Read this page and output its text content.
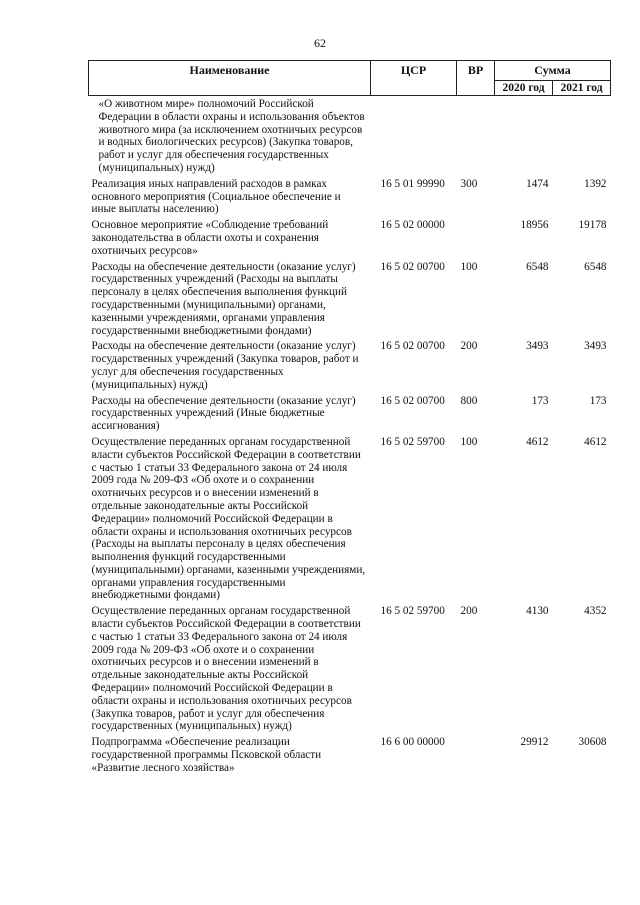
62
Наименование	ЦСР	ВР	Сумма	
			2020 год	2021 год
«О животном мире» полномочий Российской Федерации в области охраны и использования объектов животного мира (за исключением охотничьих ресурсов и водных биологических ресурсов) (Закупка товаров, работ и услуг для обеспечения государственных (муниципальных) нужд)				
Реализация иных направлений расходов в рамках основного мероприятия (Социальное обеспечение и иные выплаты населению)	16 5 01 99990	300	1474	1392
Основное мероприятие «Соблюдение требований законодательства в области охоты и сохранения охотничьих ресурсов»	16 5 02 00000		18956	19178
Расходы на обеспечение деятельности (оказание услуг) государственных учреждений (Расходы на выплаты персоналу в целях обеспечения выполнения функций государственными (муниципальными) органами, казенными учреждениями, органами управления государственными внебюджетными фондами)	16 5 02 00700	100	6548	6548
Расходы на обеспечение деятельности (оказание услуг) государственных учреждений (Закупка товаров, работ и услуг для обеспечения государственных (муниципальных) нужд)	16 5 02 00700	200	3493	3493
Расходы на обеспечение деятельности (оказание услуг) государственных учреждений (Иные бюджетные ассигнования)	16 5 02 00700	800	173	173
Осуществление переданных органам государственной власти субъектов Российской Федерации в соответствии с частью 1 статьи 33 Федерального закона от 24 июля 2009 года № 209-ФЗ «Об охоте и о сохранении охотничьих ресурсов и о внесении изменений в отдельные законодательные акты Российской Федерации» полномочий Российской Федерации в области охраны и использования охотничьих ресурсов (Расходы на выплаты персоналу в целях обеспечения выполнения функций государственными (муниципальными) органами, казенными учреждениями, органами управления государственными внебюджетными фондами)	16 5 02 59700	100	4612	4612
Осуществление переданных органам государственной власти субъектов Российской Федерации в соответствии с частью 1 статьи 33 Федерального закона от 24 июля 2009 года № 209-ФЗ «Об охоте и о сохранении охотничьих ресурсов и о внесении изменений в отдельные законодательные акты Российской Федерации» полномочий Российской Федерации в области охраны и использования охотничьих ресурсов (Закупка товаров, работ и услуг для обеспечения государственных (муниципальных) нужд)	16 5 02 59700	200	4130	4352
Подпрограмма «Обеспечение реализации государственной программы Псковской области «Развитие лесного хозяйства»	16 6 00 00000		29912	30608
